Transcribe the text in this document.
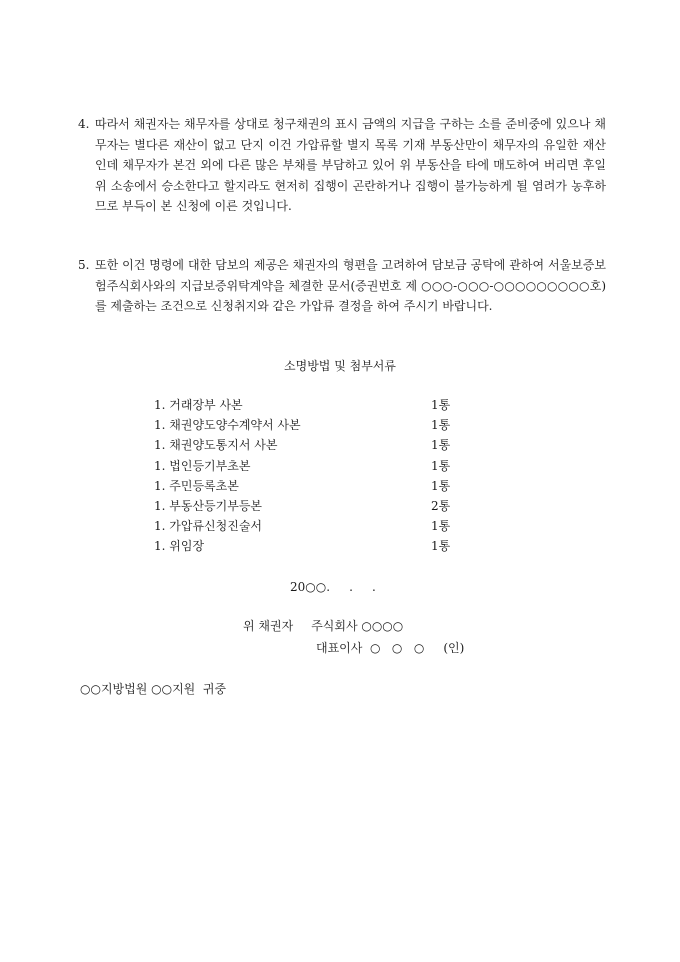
4. 따라서 채권자는 채무자를 상대로 청구채권의 표시 금액의 지급을 구하는 소를 준비중에 있으나 채무자는 별다른 재산이 없고 단지 이건 가압류할 별지 목록 기재 부동산만이 채무자의 유일한 재산인데 채무자가 본건 외에 다른 많은 부채를 부담하고 있어 위 부동산을 타에 매도하여 버리면 후일 위 소송에서 승소한다고 할지라도 현저히 집행이 곤란하거나 집행이 불가능하게 될 염려가 농후하므로 부득이 본 신청에 이른 것입니다.
5. 또한 이건 명령에 대한 담보의 제공은 채권자의 형편을 고려하여 담보금 공탁에 관하여 서울보증보험주식회사와의 지급보증위탁계약을 체결한 문서(증권번호 제 ○○○-○○○-○○○○○○○○○호)를 제출하는 조건으로 신청취지와 같은 가압류 결정을 하여 주시기 바랍니다.
소명방법 및 첨부서류
1. 거래장부 사본	1통
1. 채권양도양수계약서 사본	1통
1. 채권양도통지서 사본	1통
1. 법인등기부초본	1통
1. 주민등록초본	1통
1. 부동산등기부등본	2통
1. 가압류신청진술서	1통
1. 위임장	1통
20○○.     .     .
위 채권자 주식회사 ○○○○
대표이사  ○   ○   ○     (인)
○○지방법원 ○○지원  귀중
